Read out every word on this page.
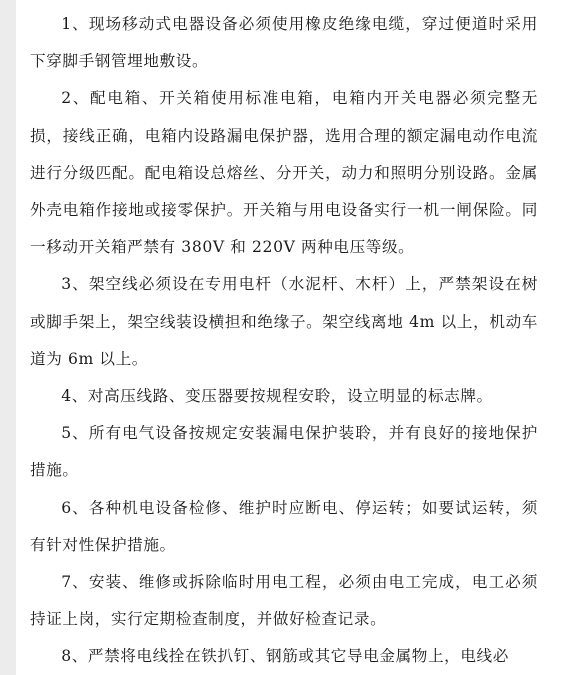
1、现场移动式电器设备必须使用橡皮绝缘电缆，穿过便道时采用下穿脚手钢管埋地敷设。

2、配电箱、开关箱使用标准电箱，电箱内开关电器必须完整无损，接线正确，电箱内设路漏电保护器，选用合理的额定漏电动作电流进行分级匹配。配电箱设总熔丝、分开关，动力和照明分别设路。金属外壳电箱作接地或接零保护。开关箱与用电设备实行一机一闸保险。同一移动开关箱严禁有 380V 和 220V 两种电压等级。

3、架空线必须设在专用电杆（水泥杆、木杆）上，严禁架设在树或脚手架上，架空线装设横担和绝缘子。架空线离地 4m 以上，机动车道为 6m 以上。

4、对高压线路、变压器要按规程安聆，设立明显的标志牌。

5、所有电气设备按规定安装漏电保护装聆，并有良好的接地保护措施。

6、各种机电设备检修、维护时应断电、停运转；如要试运转，须有针对性保护措施。

7、安装、维修或拆除临时用电工程，必须由电工完成，电工必须持证上岗，实行定期检查制度，并做好检查记录。

8、严禁将电线拴在铁扒钉、钢筋或其它导电金属物上，电线必
